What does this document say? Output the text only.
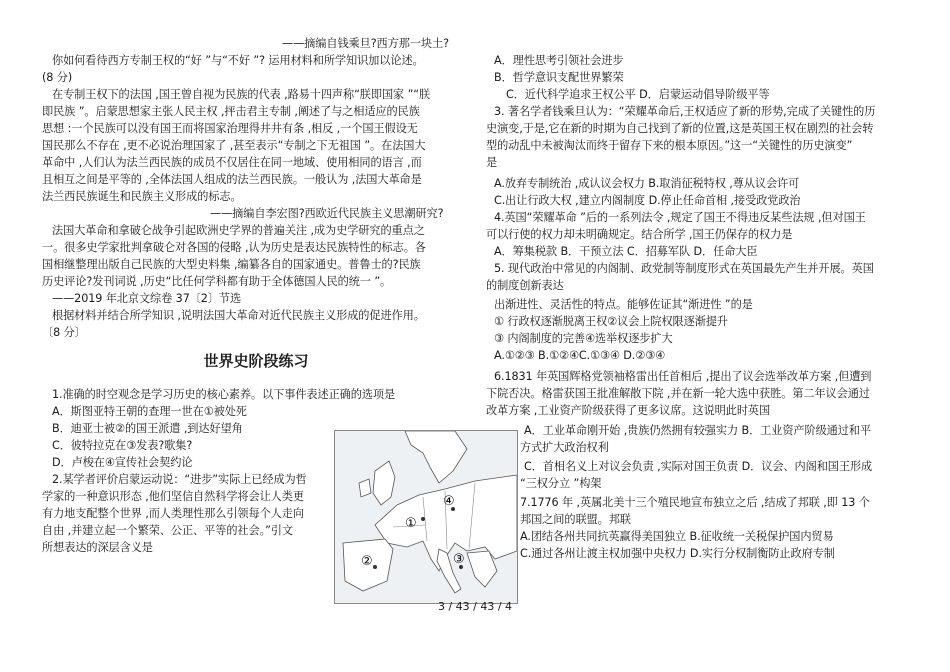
——摘编自钱乘旦?西方那一块土?
你如何看待西方专制王权的“好 ”与“不好 ”? 运用材料和所学知识加以论述。
(8 分)
在专制王权下的法国 ,国王曾自视为民族的代表 ,路易十四声称“朕即国家 ”“朕
即民族 ”。启蒙思想家主张人民主权 ,抨击君主专制 ,阐述了与之相适应的民族
思想 :一个民族可以没有国王而将国家治理得井井有条 ,相反 ,一个国王假设无
国民那么不存在 ,更不必说治理国家了 ,甚至表示“专制之下无祖国 ”。在法国大
革命中 ,人们认为法兰西民族的成员不仅居住在同一地域、使用相同的语言 ,而
且相互之间是平等的 ,全体法国人组成的法兰西民族。一般认为 ,法国大革命是
法兰西民族诞生和民族主义形成的标志。
——摘编自李宏图?西欧近代民族主义思潮研究?
法国大革命和拿破仑战争引起欧洲史学界的普遍关注 ,成为史学研究的重点之
一。很多史学家批判拿破仑对各国的侵略 ,认为历史是表达民族特性的标志。各
国相继整理出版自己民族的大型史料集 ,编纂各自的国家通史。普鲁士的?民族
历史评论?发刊词说 ,历史“比任何学科都有助于全体德国人民的统一 ”。
——2019 年北京文综卷 37〔2〕节选
根据材料并结合所学知识 ,说明法国大革命对近代民族主义形成的促进作用。
〔8 分〕
世界史阶段练习
1.准确的时空观念是学习历史的核心素养。以下事件表述正确的选项是
A．斯图亚特王朝的查理一世在①被处死
B．迪亚士被②的国王派遣 ,到达好望角
C．彼特拉克在③发表?歌集?
D．卢梭在④宣传社会契约论
2.某学者评价启蒙运动说：“进步”实际上已经成为哲
学家的一种意识形态 ,他们坚信自然科学将会让人类更
有力地支配整个世界 ,而人类理性那么引领每个人走向
自由 ,并建立起一个繁荣、公正、平等的社会。”引文
所想表达的深层含义是
①
②	③
④
A．理性思考引领社会进步
B．哲学意识支配世界繁荣
C．近代科学追求王权公平 D．启蒙运动倡导阶级平等
3. 著名学者钱乘旦认为：“荣耀革命后,王权适应了新的形势,完成了关键性的历
史演变,于是,它在新的时期为自己找到了新的位置,这是英国王权在剧烈的社会转
型的动乱中未被淘汰而终于留存下来的根本原因。”这一“关键性的历史演变”
是
A.放弃专制统治 ,成认议会权力 B.取消征税特权 ,尊从议会许可
C.出让行政大权 ,建立内阁制度 D.停止任命首相 ,接受政党政治
4.英国“荣耀革命 ”后的一系列法令 ,规定了国王不得违反某些法规 ,但对国王
可以行使的权力却未明确规定。结合所学 ,国王仍保存的权力是
A．筹集税款 B．干预立法 C．招募军队 D．任命大臣
5. 现代政治中常见的内阁制、政党制等制度形式在英国最先产生并开展。英国
的制度创新表达
出渐进性、灵活性的特点。能够佐证其“渐进性 ”的是
① 行政权逐渐脱离王权②议会上院权限逐渐提升
③ 内阁制度的完善④选举权逐步扩大
A.①②③ B.①②④C.①③④ D.②③④
6.1831 年英国辉格党领袖格雷出任首相后 ,提出了议会选举改革方案 ,但遭到
下院否决。格雷获国王批准解散下院 ,并在新一轮大选中获胜。第二年议会通过
改革方案 ,工业资产阶级获得了更多议席。这说明此时英国
A．工业革命刚开始 ,贵族仍然拥有较强实力 B．工业资产阶级通过和平
方式扩大政治权利
C．首相名义上对议会负责 ,实际对国王负责 D．议会、内阁和国王形成
“三权分立 ”构架
7.1776 年 ,英属北美十三个殖民地宣布独立之后 ,结成了邦联 ,即 13 个
邦国之间的联盟。邦联
A.团结各州共同抗英赢得美国独立 B.征收统一关税保护国内贸易
C.通过各州让渡主权加强中央权力 D.实行分权制衡防止政府专制
3 / 43 / 43 / 4
